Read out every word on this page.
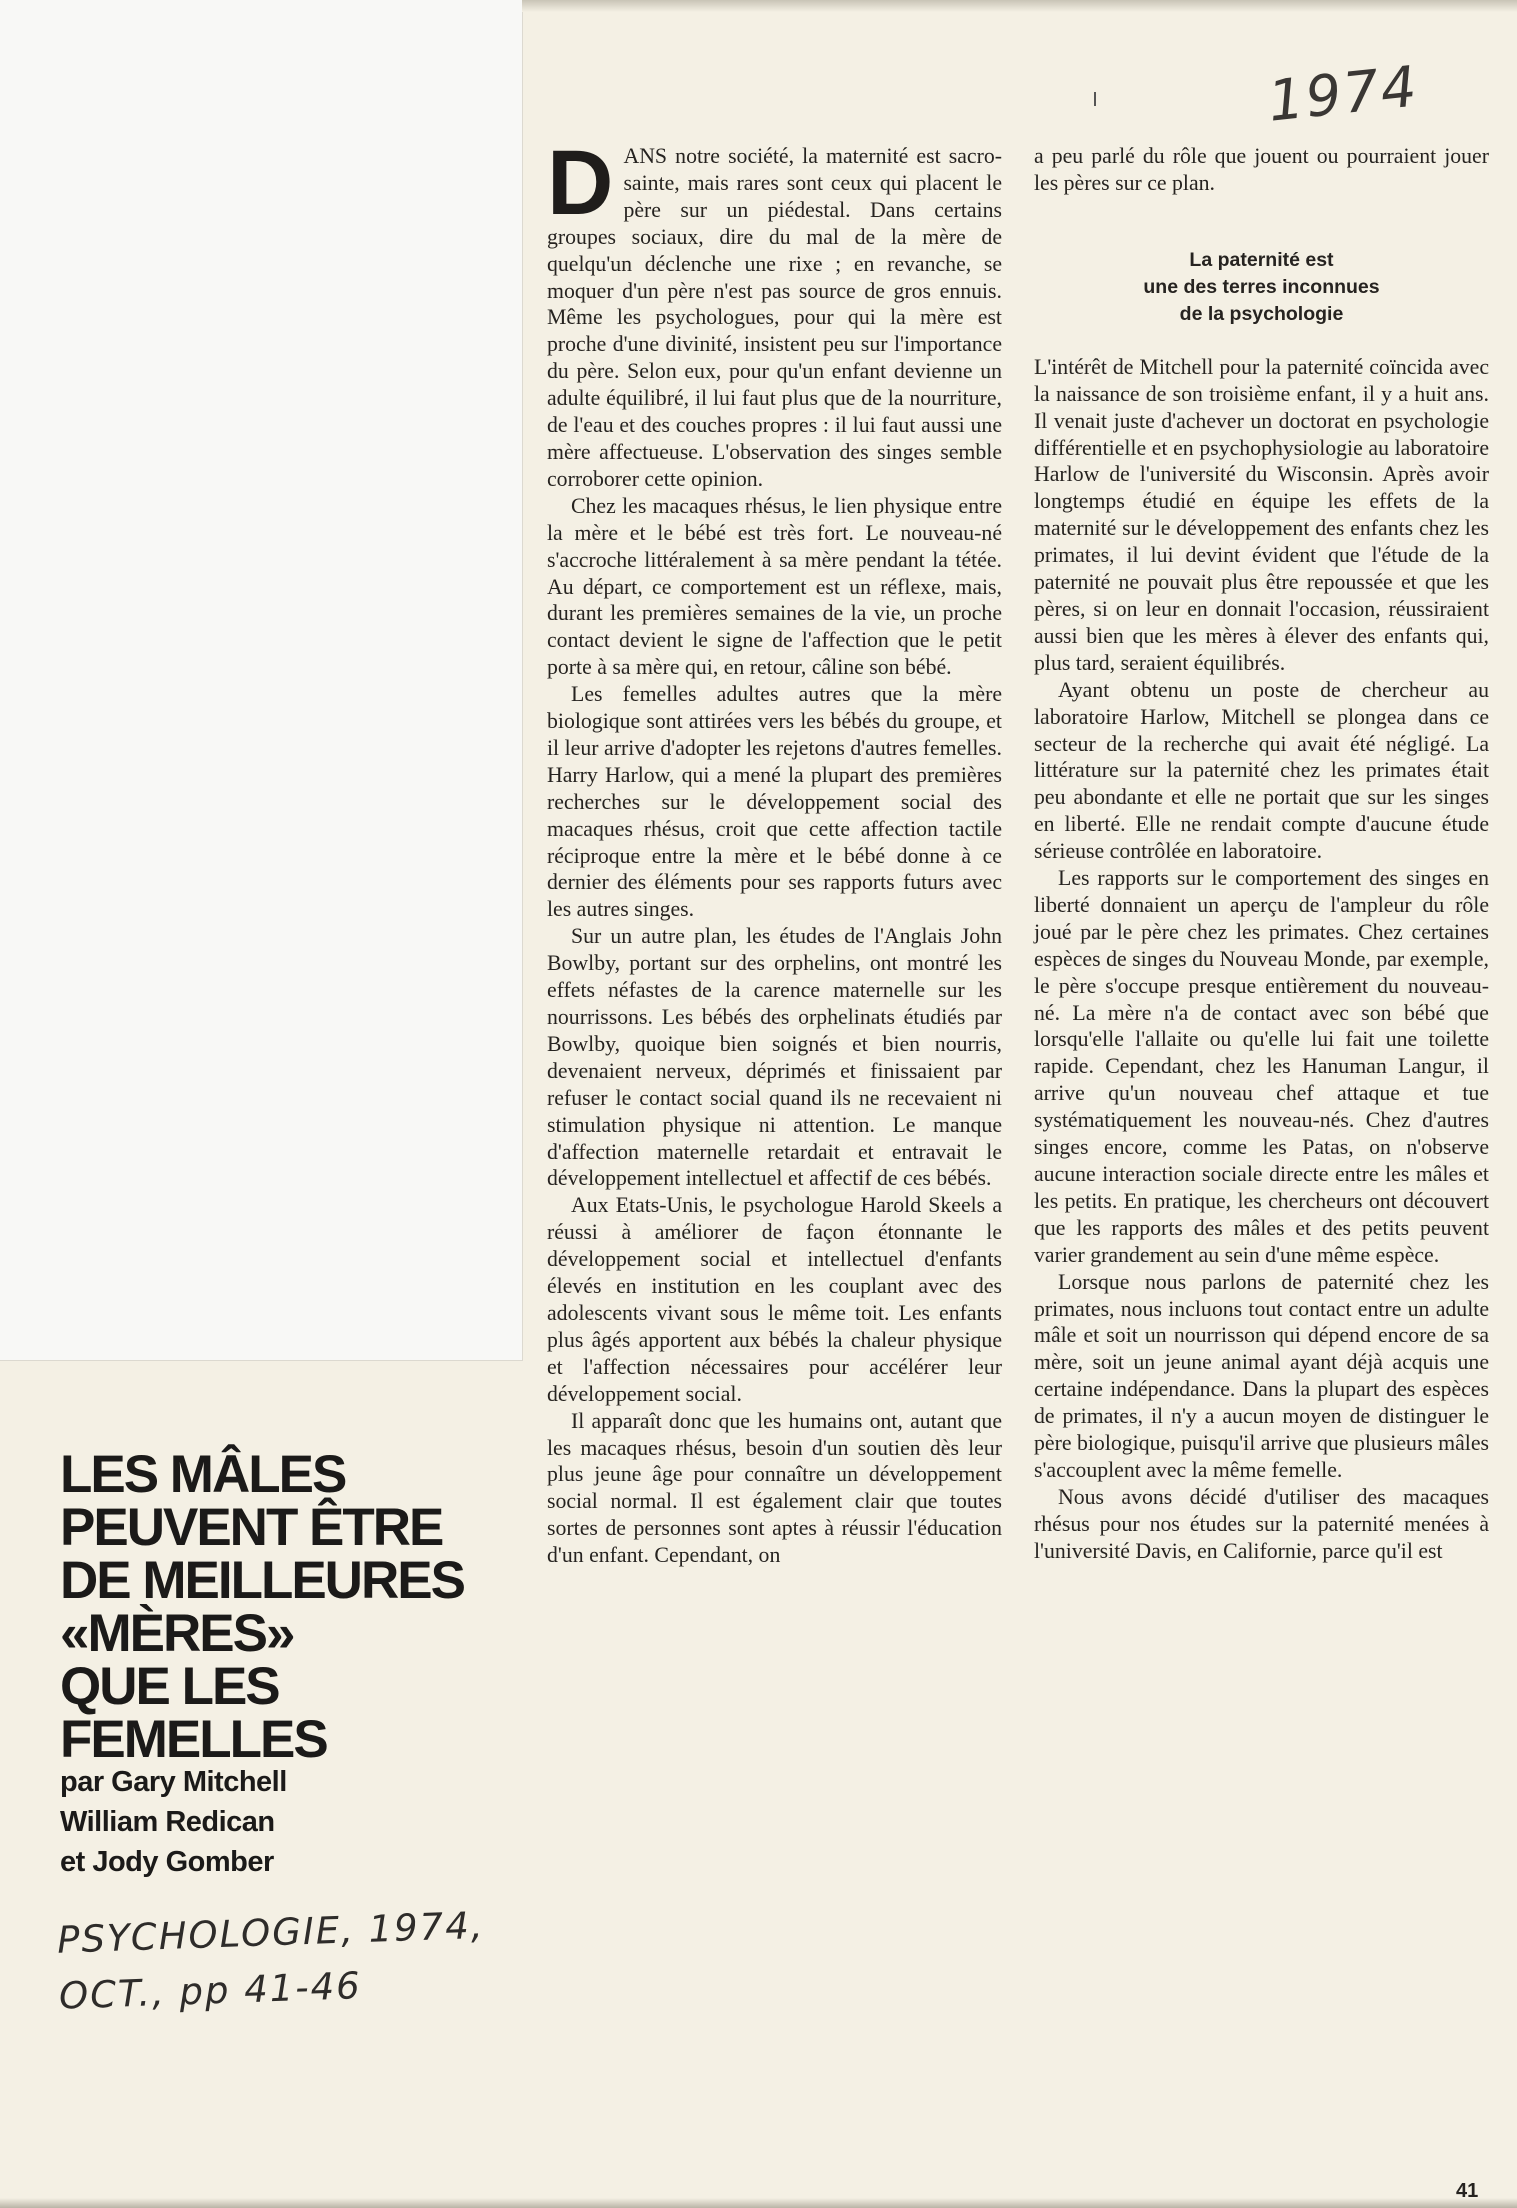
1974

DANS notre société, la maternité est sacro-sainte, mais rares sont ceux qui placent le père sur un piédestal. Dans certains groupes sociaux, dire du mal de la mère de quelqu'un déclenche une rixe ; en revanche, se moquer d'un père n'est pas source de gros ennuis. Même les psychologues, pour qui la mère est proche d'une divinité, insistent peu sur l'importance du père. Selon eux, pour qu'un enfant devienne un adulte équilibré, il lui faut plus que de la nourriture, de l'eau et des couches propres : il lui faut aussi une mère affectueuse. L'observation des singes semble corroborer cette opinion.

Chez les macaques rhésus, le lien physique entre la mère et le bébé est très fort. Le nouveau-né s'accroche littéralement à sa mère pendant la tétée. Au départ, ce comportement est un réflexe, mais, durant les premières semaines de la vie, un proche contact devient le signe de l'affection que le petit porte à sa mère qui, en retour, câline son bébé.

Les femelles adultes autres que la mère biologique sont attirées vers les bébés du groupe, et il leur arrive d'adopter les rejetons d'autres femelles. Harry Harlow, qui a mené la plupart des premières recherches sur le développement social des macaques rhésus, croit que cette affection tactile réciproque entre la mère et le bébé donne à ce dernier des éléments pour ses rapports futurs avec les autres singes.

Sur un autre plan, les études de l'Anglais John Bowlby, portant sur des orphelins, ont montré les effets néfastes de la carence maternelle sur les nourrissons. Les bébés des orphelinats étudiés par Bowlby, quoique bien soignés et bien nourris, devenaient nerveux, déprimés et finissaient par refuser le contact social quand ils ne recevaient ni stimulation physique ni attention. Le manque d'affection maternelle retardait et entravait le développement intellectuel et affectif de ces bébés.

Aux Etats-Unis, le psychologue Harold Skeels a réussi à améliorer de façon étonnante le développement social et intellectuel d'enfants élevés en institution en les couplant avec des adolescents vivant sous le même toit. Les enfants plus âgés apportent aux bébés la chaleur physique et l'affection nécessaires pour accélérer leur développement social.

Il apparaît donc que les humains ont, autant que les macaques rhésus, besoin d'un soutien dès leur plus jeune âge pour connaître un développement social normal. Il est également clair que toutes sortes de personnes sont aptes à réussir l'éducation d'un enfant. Cependant, on

a peu parlé du rôle que jouent ou pourraient jouer les pères sur ce plan.

La paternité est
une des terres inconnues
de la psychologie

L'intérêt de Mitchell pour la paternité coïncida avec la naissance de son troisième enfant, il y a huit ans. Il venait juste d'achever un doctorat en psychologie différentielle et en psychophysiologie au laboratoire Harlow de l'université du Wisconsin. Après avoir longtemps étudié en équipe les effets de la maternité sur le développement des enfants chez les primates, il lui devint évident que l'étude de la paternité ne pouvait plus être repoussée et que les pères, si on leur en donnait l'occasion, réussiraient aussi bien que les mères à élever des enfants qui, plus tard, seraient équilibrés.

Ayant obtenu un poste de chercheur au laboratoire Harlow, Mitchell se plongea dans ce secteur de la recherche qui avait été négligé. La littérature sur la paternité chez les primates était peu abondante et elle ne portait que sur les singes en liberté. Elle ne rendait compte d'aucune étude sérieuse contrôlée en laboratoire.

Les rapports sur le comportement des singes en liberté donnaient un aperçu de l'ampleur du rôle joué par le père chez les primates. Chez certaines espèces de singes du Nouveau Monde, par exemple, le père s'occupe presque entièrement du nouveau-né. La mère n'a de contact avec son bébé que lorsqu'elle l'allaite ou qu'elle lui fait une toilette rapide. Cependant, chez les Hanuman Langur, il arrive qu'un nouveau chef attaque et tue systématiquement les nouveau-nés. Chez d'autres singes encore, comme les Patas, on n'observe aucune interaction sociale directe entre les mâles et les petits. En pratique, les chercheurs ont découvert que les rapports des mâles et des petits peuvent varier grandement au sein d'une même espèce.

Lorsque nous parlons de paternité chez les primates, nous incluons tout contact entre un adulte mâle et soit un nourrisson qui dépend encore de sa mère, soit un jeune animal ayant déjà acquis une certaine indépendance. Dans la plupart des espèces de primates, il n'y a aucun moyen de distinguer le père biologique, puisqu'il arrive que plusieurs mâles s'accouplent avec la même femelle.

Nous avons décidé d'utiliser des macaques rhésus pour nos études sur la paternité menées à l'université Davis, en Californie, parce qu'il est

LES MÂLES
PEUVENT ÊTRE
DE MEILLEURES
«MÈRES»
QUE LES
FEMELLES
par Gary Mitchell
William Redican
et Jody Gomber
PSYCHOLOGIE, 1974,
OCT., pp 41-46
41
